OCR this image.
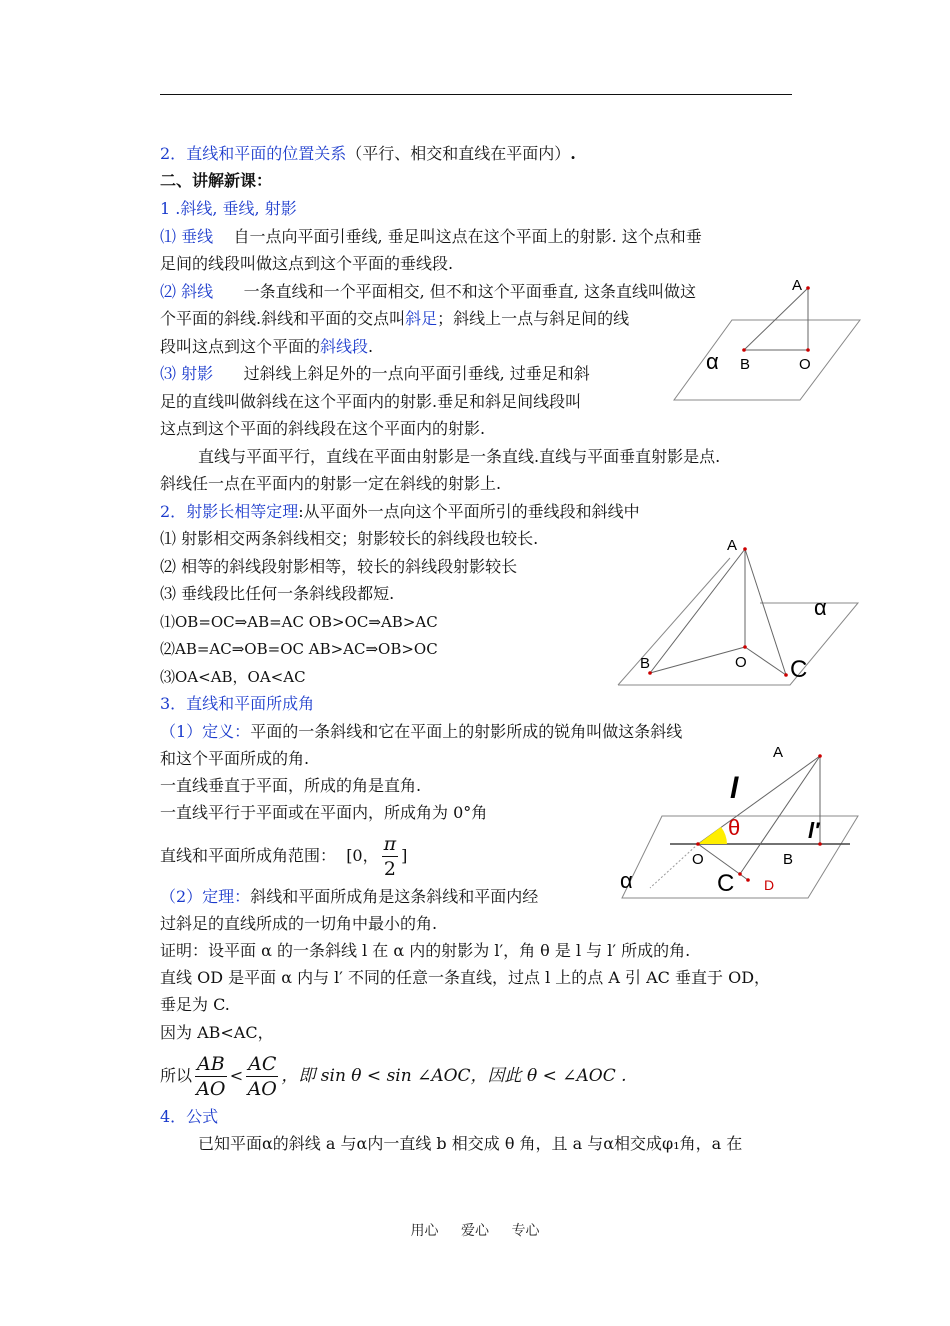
2．直线和平面的位置关系（平行、相交和直线在平面内）.
二、讲解新课：
1 .斜线, 垂线, 射影
⑴ 垂线 自一点向平面引垂线, 垂足叫这点在这个平面上的射影. 这个点和垂
足间的线段叫做这点到这个平面的垂线段.
⑵ 斜线 一条直线和一个平面相交, 但不和这个平面垂直, 这条直线叫做这
个平面的斜线.斜线和平面的交点叫斜足；斜线上一点与斜足间的线
段叫这点到这个平面的斜线段.
⑶ 射影 过斜线上斜足外的一点向平面引垂线, 过垂足和斜
足的直线叫做斜线在这个平面内的射影.垂足和斜足间线段叫
这点到这个平面的斜线段在这个平面内的射影.
直线与平面平行，直线在平面由射影是一条直线.直线与平面垂直射影是点.
斜线任一点在平面内的射影一定在斜线的射影上.
2．射影长相等定理:从平面外一点向这个平面所引的垂线段和斜线中
⑴ 射影相交两条斜线相交；射影较长的斜线段也较长.
⑵ 相等的斜线段射影相等，较长的斜线段射影较长
⑶ 垂线段比任何一条斜线段都短.
⑴OB=OC⇒AB=AC OB>OC⇒AB>AC
⑵AB=AC⇒OB=OC AB>AC⇒OB>OC
⑶OA<AB，OA<AC
3．直线和平面所成角
（1）定义：平面的一条斜线和它在平面上的射影所成的锐角叫做这条斜线
和这个平面所成的角.
一直线垂直于平面，所成的角是直角.
一直线平行于平面或在平面内，所成角为 0°角
直线和平面所成角范围： [0， $\frac{\pi}{2}$ ]
（2）定理：斜线和平面所成角是这条斜线和平面内经
过斜足的直线所成的一切角中最小的角.
证明：设平面 α 的一条斜线 l 在 α 内的射影为 l′，角 θ 是 l 与 l′ 所成的角.
直线 OD 是平面 α 内与 l′ 不同的任意一条直线，过点 l 上的点 A 引 AC 垂直于 OD，
垂足为 C.
因为 AB<AC，
所以 $\frac{AB}{AO} < \frac{AC}{AO}$ ，即 sin θ < sin ∠AOC，因此 θ < ∠AOC .
4．公式
已知平面α的斜线 a 与α内一直线 b 相交成 θ 角，且 a 与α相交成φ₁角，a 在
用心 爱心 专心
A
B	O
α
A
B	O C
α
A
l
θ	l′
O	B
C D
α
